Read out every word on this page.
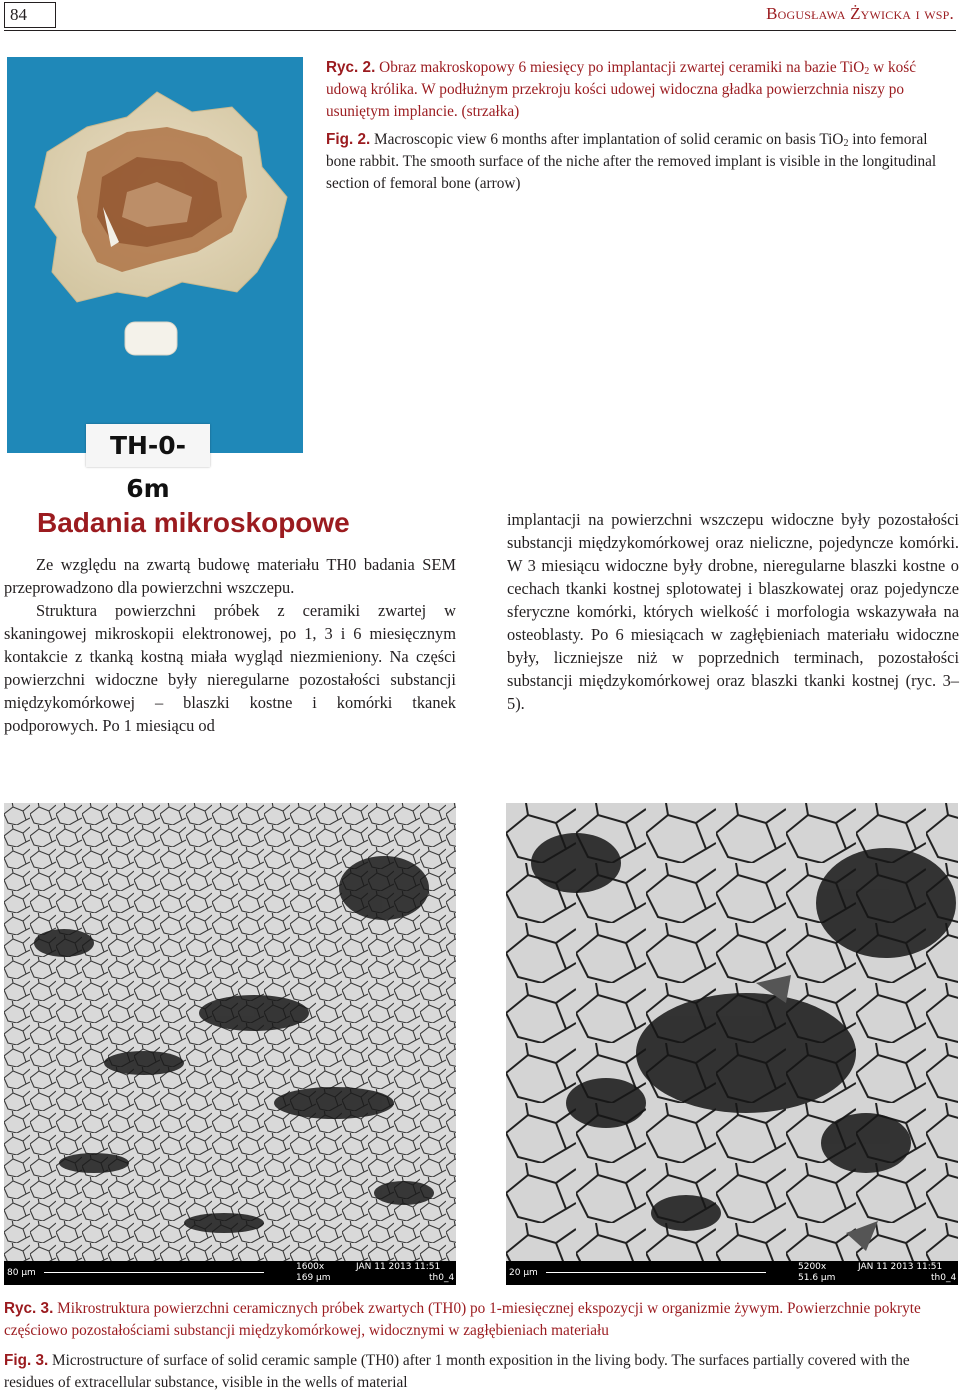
84	Bogusława Żywicka i wsp.
TH-0- 6m
Ryc. 2. Obraz makroskopowy 6 miesięcy po implantacji zwartej ceramiki na bazie TiO$_2$ w kość udową królika. W podłużnym przekroju kości udowej widoczna gładka powierzchnia niszy po usuniętym implancie. (strzałka)
Fig. 2. Macroscopic view 6 months after implantation of solid ceramic on basis TiO$_2$ into femoral bone rabbit. The smooth surface of the niche after the removed implant is visible in the longitudinal section of femoral bone (arrow)
Badania mikroskopowe

Ze względu na zwartą budowę materiału TH0 badania SEM przeprowadzono dla powierzchni wszczepu.

Struktura powierzchni próbek z ceramiki zwartej w skaningowej mikroskopii elektronowej, po 1, 3 i 6 miesięcznym kontakcie z tkanką kostną miała wygląd niezmieniony. Na części powierzchni widoczne były nieregularne pozostałości substancji międzykomórkowej – blaszki kostne i komórki tkanek podporowych. Po 1 miesiącu od

implantacji na powierzchni wszczepu widoczne były pozostałości substancji międzykomórkowej oraz nieliczne, pojedyncze komórki. W 3 miesiącu widoczne były drobne, nieregularne blaszki kostne o cechach tkanki kostnej splotowatej i blaszkowatej oraz pojedyncze sferyczne komórki, których wielkość i morfologia wskazywała na osteoblasty. Po 6 miesiącach w zagłębieniach materiału widoczne były, liczniejsze niż w poprzednich terminach, pozostałości substancji międzykomórkowej oraz blaszki tkanki kostnej (ryc. 3–5).

80 µm
1600x
169 µm
JAN 11 2013 11:51
th0_4	20 µm
5200x
51.6 µm
JAN 11 2013 11:51
th0_4
Ryc. 3. Mikrostruktura powierzchni ceramicznych próbek zwartych (TH0) po 1-miesięcznej ekspozycji w organizmie żywym. Powierzchnie pokryte częściowo pozostałościami substancji międzykomórkowej, widocznymi w zagłębieniach materiału
Fig. 3. Microstructure of surface of solid ceramic sample (TH0) after 1 month exposition in the living body. The surfaces partially covered with the residues of extracellular substance, visible in the wells of material
